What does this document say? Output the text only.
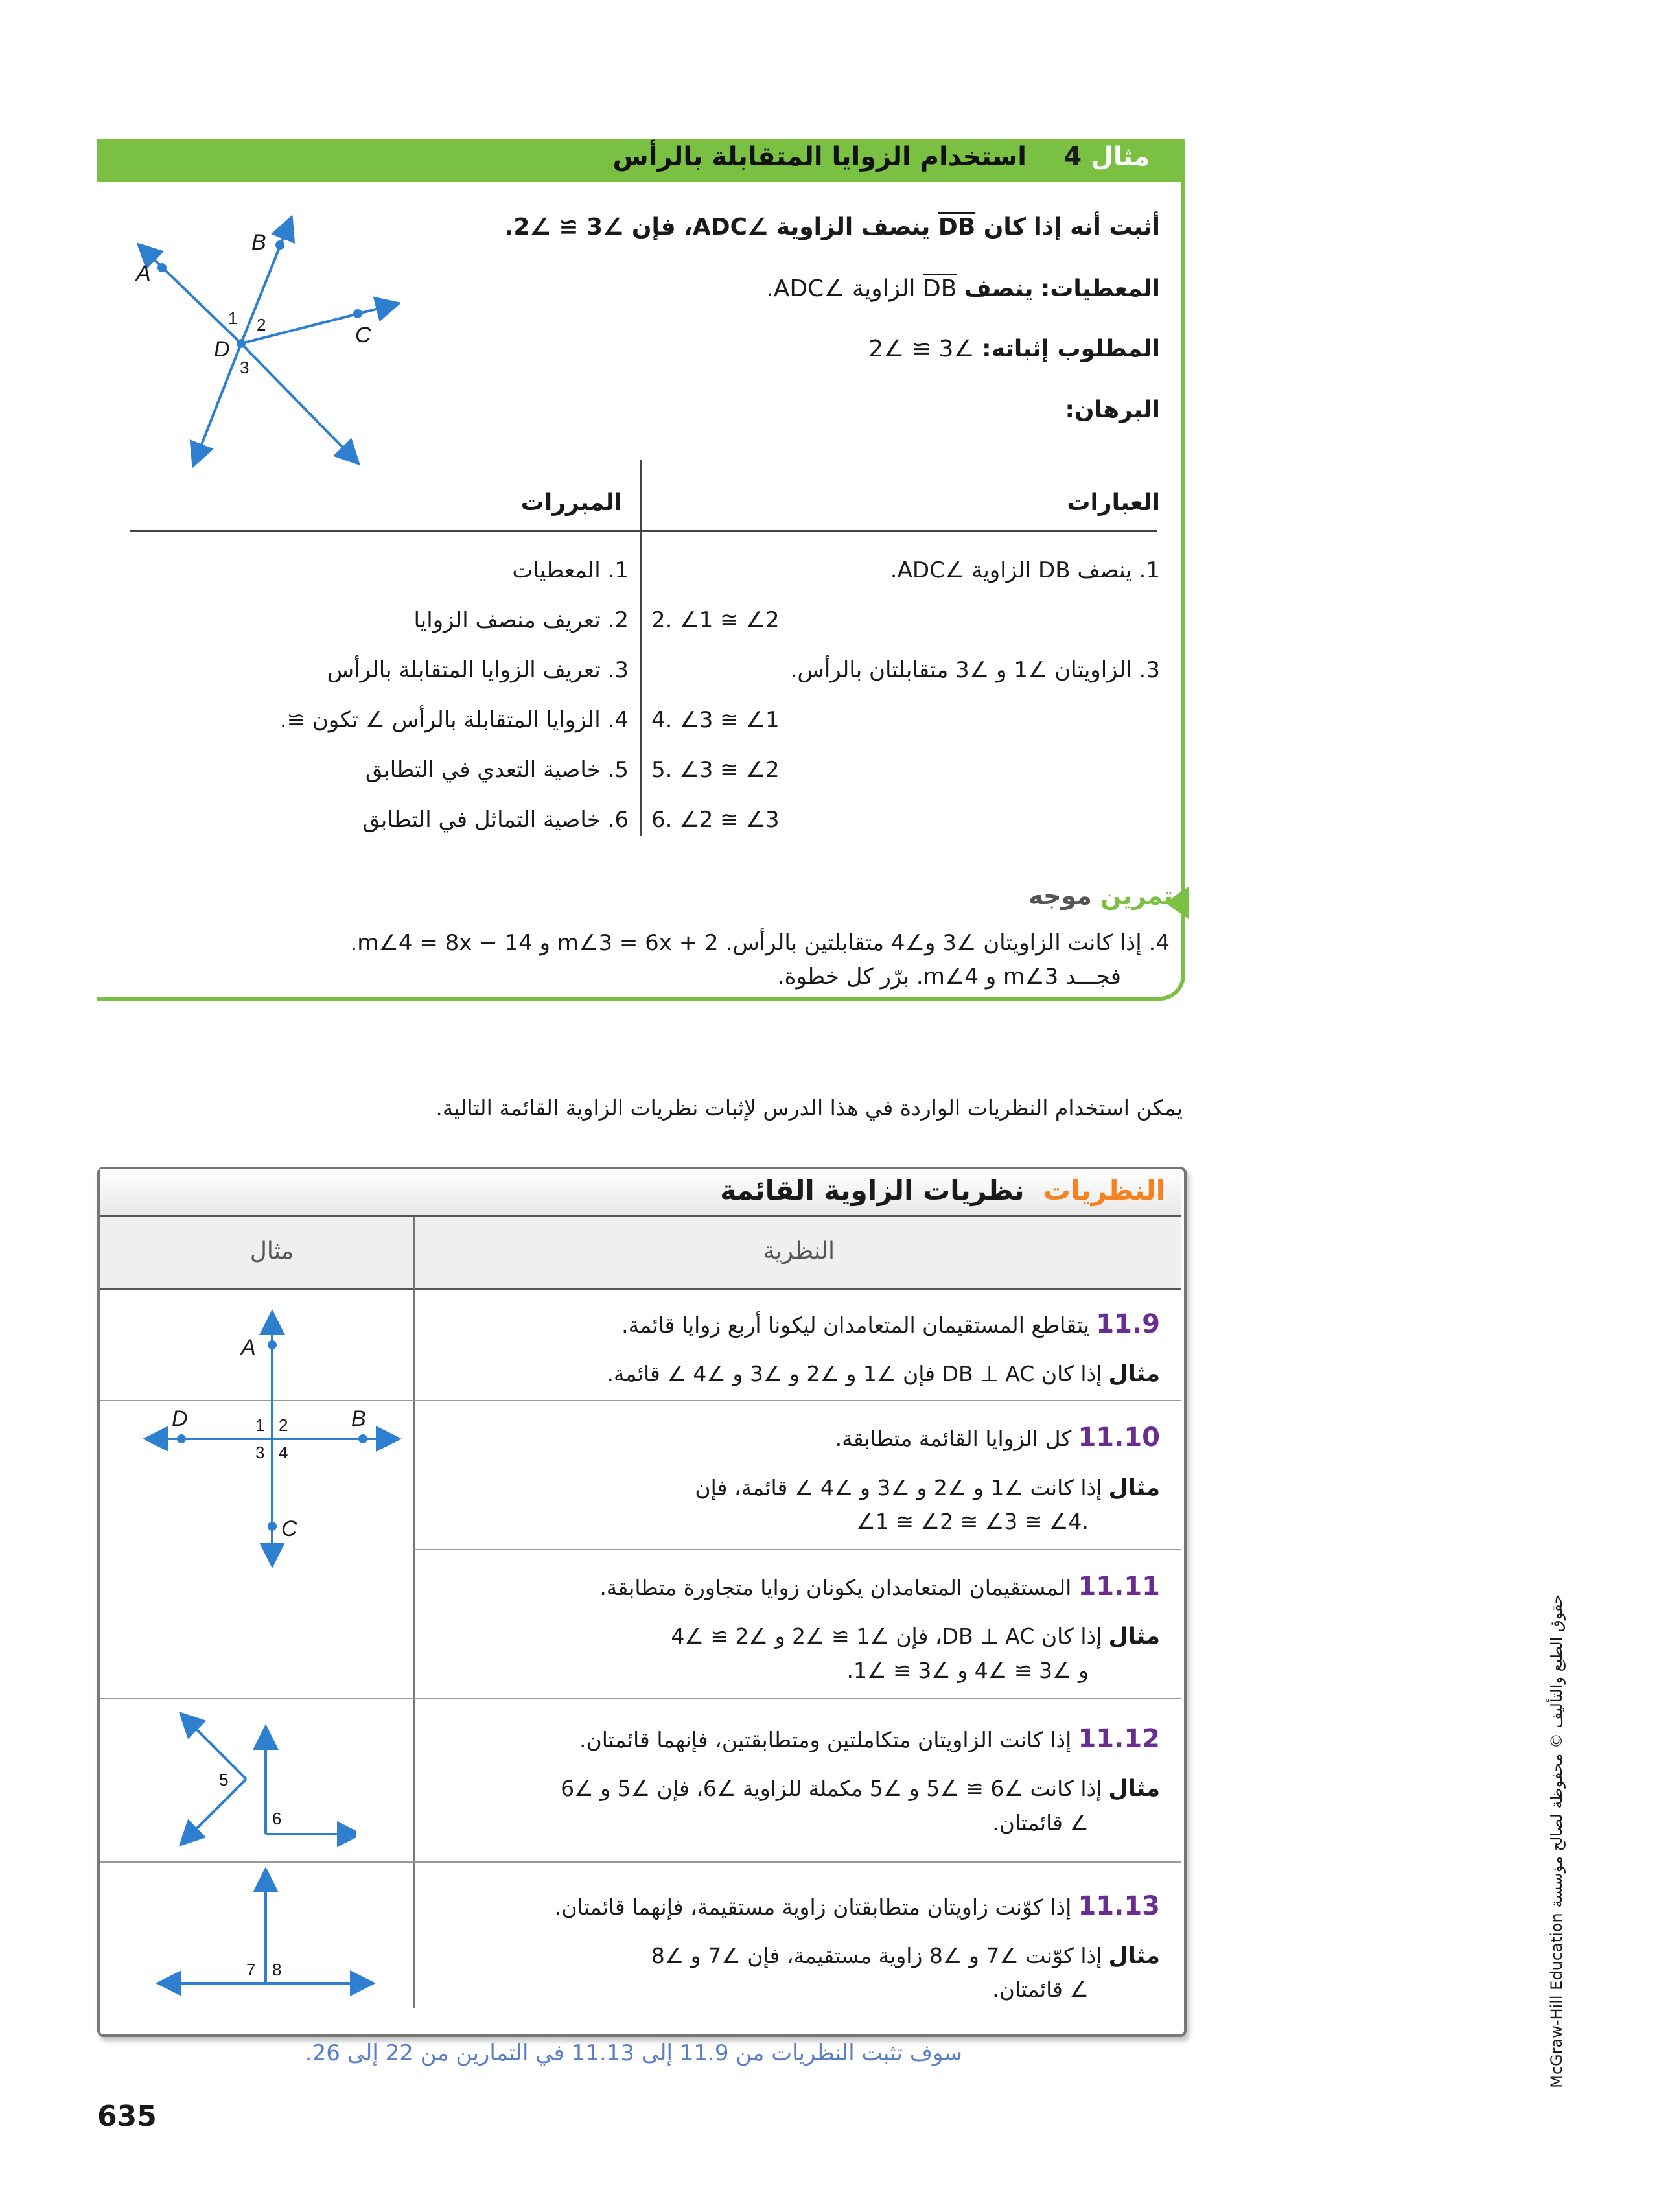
مثال 4
استخدام الزوايا المتقابلة بالرأس
A
B
C
D
1 2
3
أثبت أنه إذا كان DB ينصف الزاوية ∠ADC، فإن ∠3 ≅ ∠2.
المعطيات: ينصف DB الزاوية ∠ADC.
المطلوب إثباته: ∠3 ≅ ∠2
البرهان:
العبارات
المبررات
1. ينصف DB الزاوية ∠ADC.
1. المعطيات
2. ∠1 ≅ ∠2
2. تعريف منصف الزوايا
3. الزاويتان ∠1 و ∠3 متقابلتان بالرأس.
3. تعريف الزوايا المتقابلة بالرأس
4. ∠3 ≅ ∠1
4. الزوايا المتقابلة بالرأس ⦣ تكون ≅.
5. ∠3 ≅ ∠2
5. خاصية التعدي في التطابق
6. ∠2 ≅ ∠3
6. خاصية التماثل في التطابق
تمرين موجه
4. إذا كانت الزاويتان ∠3 و∠4 متقابلتين بالرأس. m∠3 = 6x + 2 و m∠4 = 8x − 14.
فجـــد m∠3 و m∠4. برّر كل خطوة.
يمكن استخدام النظريات الواردة في هذا الدرس لإثبات نظريات الزاوية القائمة التالية.
النظريات  نظريات الزاوية القائمة
النظرية
مثال
11.9  يتقاطع المستقيمان المتعامدان ليكونا أربع زوايا قائمة.
مثال  إذا كان DB ⊥ AC فإن ∠1 و ∠2 و ∠3 و ∠4 ⦣ قائمة.
11.10  كل الزوايا القائمة متطابقة.
مثال  إذا كانت ∠1 و ∠2 و ∠3 و ∠4 ⦣ قائمة، فإن
∠1 ≅ ∠2 ≅ ∠3 ≅ ∠4.
11.11  المستقيمان المتعامدان يكونان زوايا متجاورة متطابقة.
مثال  إذا كان DB ⊥ AC، فإن ∠1 ≅ ∠2 و ∠2 ≅ ∠4
و ∠3 ≅ ∠4 و ∠3 ≅ ∠1.
11.12  إذا كانت الزاويتان متكاملتين ومتطابقتين، فإنهما قائمتان.
مثال  إذا كانت ∠6 ≅ ∠5 و ∠5 مكملة للزاوية ∠6، فإن ∠5 و ∠6
⦣ قائمتان.
11.13  إذا كوّنت زاويتان متطابقتان زاوية مستقيمة، فإنهما قائمتان.
مثال  إذا كوّنت ∠7 و ∠8 زاوية مستقيمة، فإن ∠7 و ∠8
⦣ قائمتان.
A
B
C
D	1 2
3 4
5
6
7 8
سوف تثبت النظريات من 11.9 إلى 11.13 في التمارين من 22 إلى 26.
635
حقوق الطبع والتأليف © محفوظة لصالح مؤسسة McGraw-Hill Education
